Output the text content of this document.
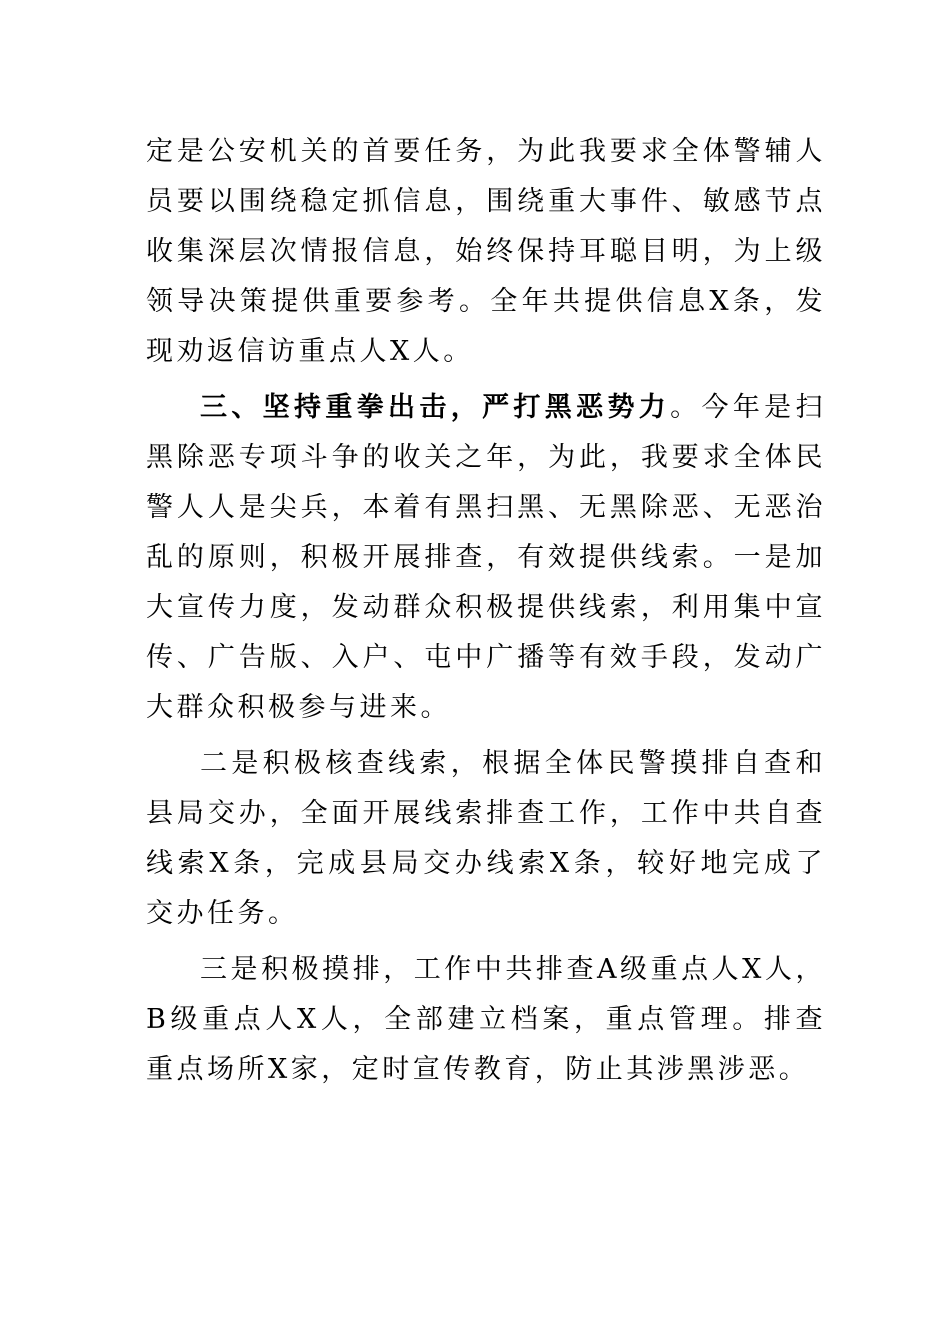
定是公安机关的首要任务，为此我要求全体警辅人员要以围绕稳定抓信息，围绕重大事件、敏感节点收集深层次情报信息，始终保持耳聪目明，为上级领导决策提供重要参考。全年共提供信息X条，发现劝返信访重点人X人。

三、坚持重拳出击，严打黑恶势力。今年是扫黑除恶专项斗争的收关之年，为此，我要求全体民警人人是尖兵，本着有黑扫黑、无黑除恶、无恶治乱的原则，积极开展排查，有效提供线索。一是加大宣传力度，发动群众积极提供线索，利用集中宣传、广告版、入户、屯中广播等有效手段，发动广大群众积极参与进来。

二是积极核查线索，根据全体民警摸排自查和县局交办，全面开展线索排查工作，工作中共自查线索X条，完成县局交办线索X条，较好地完成了交办任务。

三是积极摸排，工作中共排查A级重点人X人，B级重点人X人，全部建立档案，重点管理。排查重点场所X家，定时宣传教育，防止其涉黑涉恶。
